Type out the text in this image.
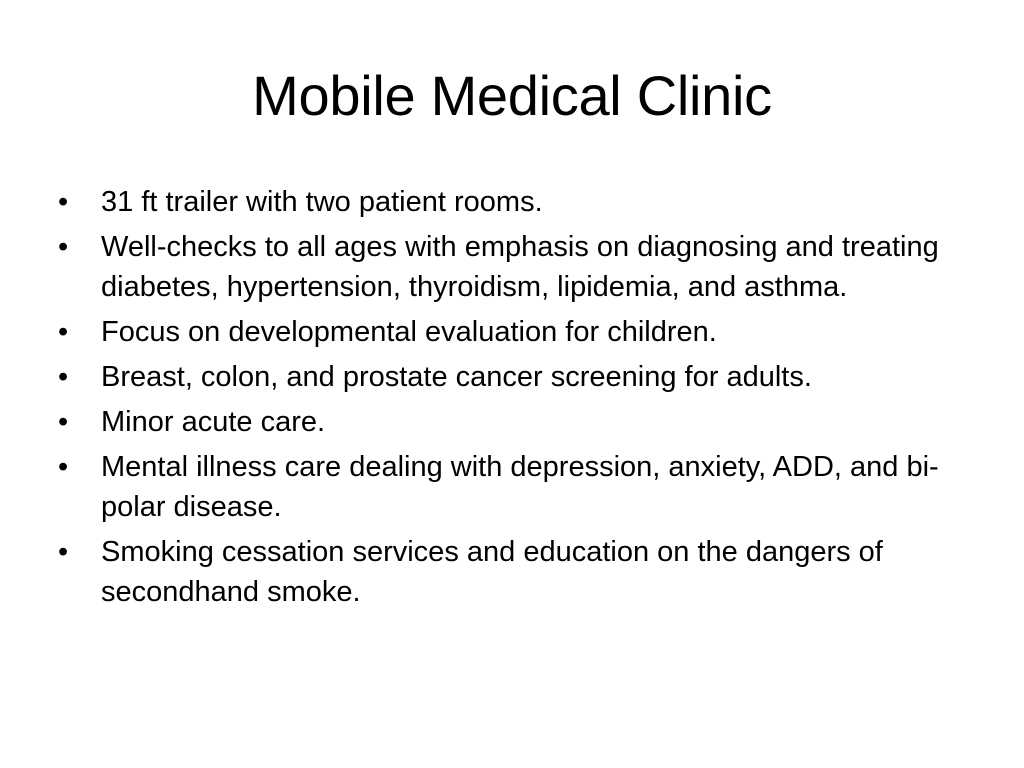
Mobile Medical Clinic
•	31 ft trailer with two patient rooms.
•	Well-checks to all ages with emphasis on diagnosing and treating diabetes, hypertension, thyroidism, lipidemia, and asthma.
•	Focus on developmental evaluation for children.
•	Breast, colon, and prostate cancer screening for adults.
•	Minor acute care.
•	Mental illness care dealing with depression, anxiety, ADD, and bi-polar disease.
•	Smoking cessation services and education on the dangers of secondhand smoke.
